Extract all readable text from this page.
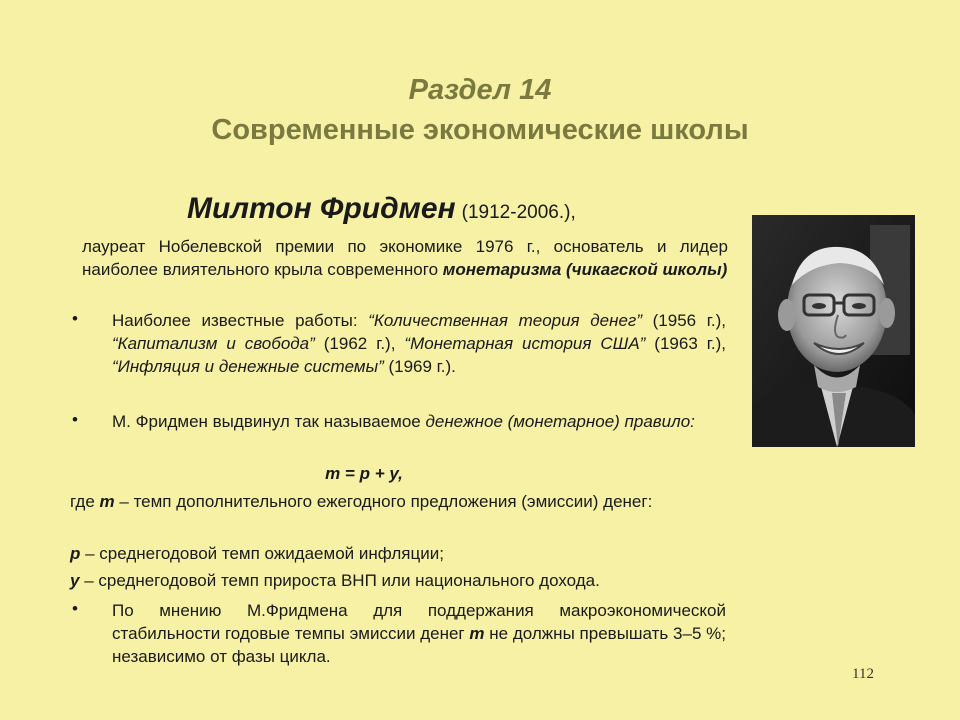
Раздел 14
Современные экономические школы
Милтон Фридмен (1912-2006.),
лауреат Нобелевской премии по экономике 1976 г., основатель и лидер наиболее влиятельного крыла современного монетаризма (чикагской школы)
• Наиболее известные работы: “Количественная теория денег” (1956 г.), “Капитализм и свобода” (1962 г.), “Монетарная история США” (1963 г.), “Инфляция и денежные системы” (1969 г.).
• М. Фридмен выдвинул так называемое денежное (монетарное) правило:
m = p + y,
где m – темп дополнительного ежегодного предложения (эмиссии) денег:
p – среднегодовой темп ожидаемой инфляции;
y – среднегодовой темп прироста ВНП или национального дохода.
• По мнению М.Фридмена для поддержания макроэкономической стабильности годовые темпы эмиссии денег m не должны превышать 3–5 %; независимо от фазы цикла.
112
